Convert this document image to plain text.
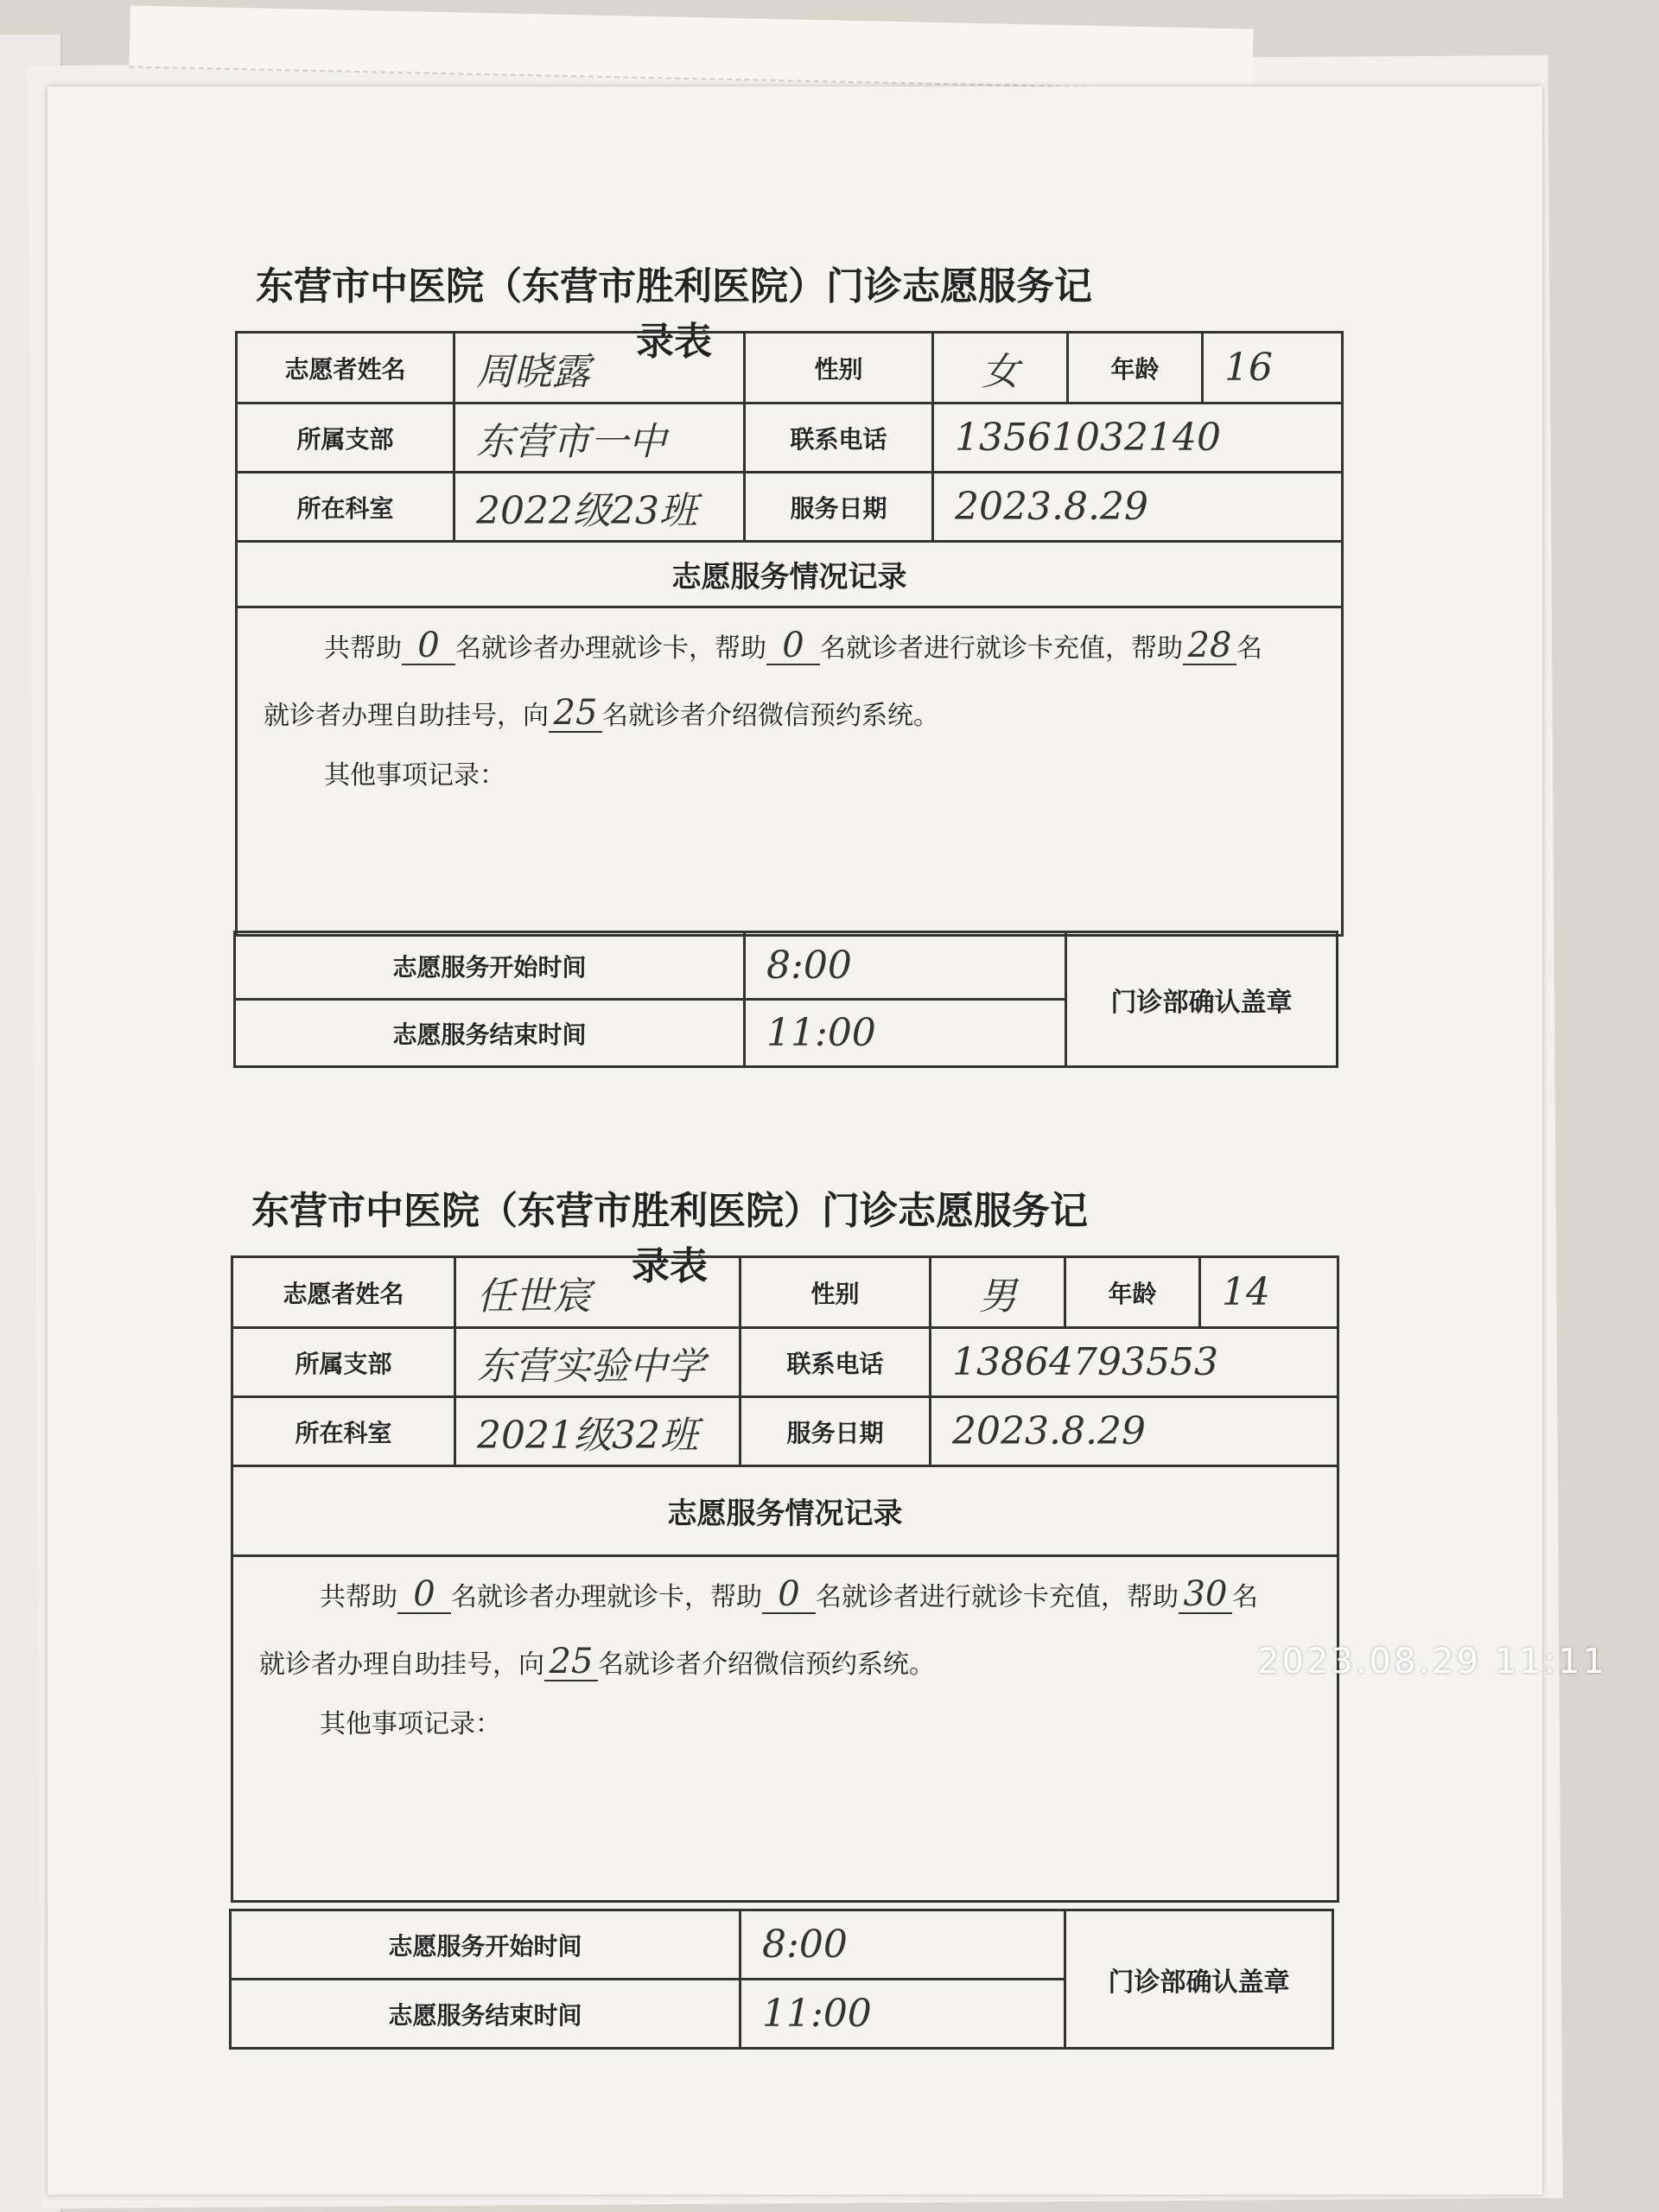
东营市中医院（东营市胜利医院）门诊志愿服务记录表
志愿者姓名	周晓露	性别	女	年龄	16
所属支部	东营市一中	联系电话	13561032140		
所在科室	2022级23班	服务日期	2023.8.29		
志愿服务情况记录					

共帮助 0 名就诊者办理就诊卡，帮助 0 名就诊者进行就诊卡充值，帮助 28 名
就诊者办理自助挂号，向 25 名就诊者介绍微信预约系统。
其他事项记录：					
志愿服务开始时间	8:00	门诊部确认盖章
志愿服务结束时间	11:00	
东营市中医院（东营市胜利医院）门诊志愿服务记录表
志愿者姓名	任世宸	性别	男	年龄	14
所属支部	东营实验中学	联系电话	13864793553		
所在科室	2021级32班	服务日期	2023.8.29		
志愿服务情况记录					

共帮助 0 名就诊者办理就诊卡，帮助 0 名就诊者进行就诊卡充值，帮助 30 名
就诊者办理自助挂号，向 25 名就诊者介绍微信预约系统。
其他事项记录：					
志愿服务开始时间	8:00	门诊部确认盖章
志愿服务结束时间	11:00	
2023.08.29 11:11
